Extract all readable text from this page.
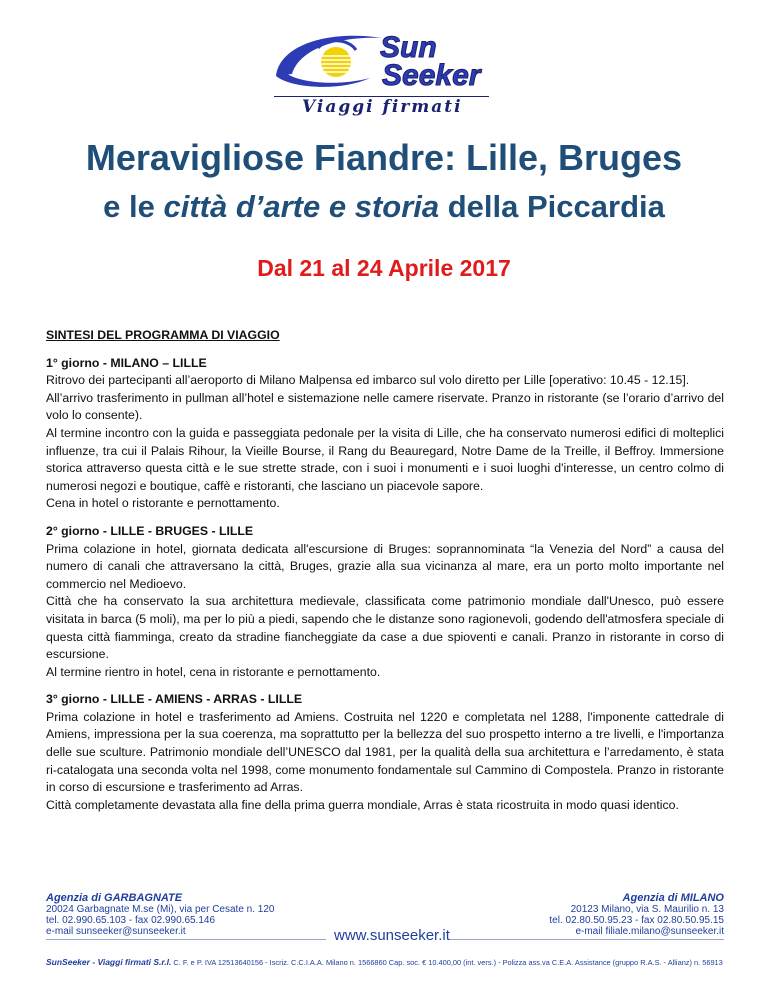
Sun
Seeker
Viaggi firmati
Meravigliose Fiandre: Lille, Bruges
e le città d’arte e storia della Piccardia
Dal 21 al 24 Aprile 2017
SINTESI DEL PROGRAMMA DI VIAGGIO
1° giorno - MILANO – LILLE

Ritrovo dei partecipanti all’aeroporto di Milano Malpensa ed imbarco sul volo diretto per Lille [operativo: 10.45 - 12.15].

All’arrivo trasferimento in pullman all’hotel e sistemazione nelle camere riservate. Pranzo in ristorante (se l’orario d’arrivo del volo lo consente).

Al termine incontro con la guida e passeggiata pedonale per la visita di Lille, che ha conservato numerosi edifici di molteplici influenze, tra cui il Palais Rihour, la Vieille Bourse, il Rang du Beauregard, Notre Dame de la Treille, il Beffroy. Immersione storica attraverso questa città e le sue strette strade, con i suoi i monumenti e i suoi luoghi d'interesse, un centro colmo di numerosi negozi e boutique, caffè e ristoranti, che lasciano un piacevole sapore.

Cena in hotel o ristorante e pernottamento.

2° giorno - LILLE - BRUGES - LILLE

Prima colazione in hotel, giornata dedicata all'escursione di Bruges: soprannominata “la Venezia del Nord” a causa del numero di canali che attraversano la città, Bruges, grazie alla sua vicinanza al mare, era un porto molto importante nel commercio nel Medioevo.

Città che ha conservato la sua architettura medievale, classificata come patrimonio mondiale dall'Unesco, può essere visitata in barca (5 moli), ma per lo più a piedi, sapendo che le distanze sono ragionevoli, godendo dell'atmosfera speciale di questa città fiamminga, creato da stradine fiancheggiate da case a due spioventi e canali. Pranzo in ristorante in corso di escursione.

Al termine rientro in hotel, cena in ristorante e pernottamento.

3° giorno - LILLE - AMIENS - ARRAS - LILLE

Prima colazione in hotel e trasferimento ad Amiens. Costruita nel 1220 e completata nel 1288, l'imponente cattedrale di Amiens, impressiona per la sua coerenza, ma soprattutto per la bellezza del suo prospetto interno a tre livelli, e l'importanza delle sue sculture. Patrimonio mondiale dell’UNESCO dal 1981, per la qualità della sua architettura e l’arredamento, è stata ri-catalogata una seconda volta nel 1998, come monumento fondamentale sul Cammino di Compostela. Pranzo in ristorante in corso di escursione e trasferimento ad Arras.

Città completamente devastata alla fine della prima guerra mondiale, Arras è stata ricostruita in modo quasi identico.

Agenzia di GARBAGNATE
20024 Garbagnate M.se (Mi), via per Cesate n. 120
tel. 02.990.65.103 - fax 02.990.65.146
e-mail sunseeker@sunseeker.it
Agenzia di MILANO
20123 Milano, via S. Maurilio n. 13
tel. 02.80.50.95.23 - fax 02.80.50.95.15
e-mail filiale.milano@sunseeker.it
www.sunseeker.it
SunSeeker - Viaggi firmati S.r.l. C. F. e P. IVA 12513640156 - Iscriz. C.C.I.A.A. Milano n. 1566860 Cap. soc. € 10.400,00 (int. vers.) - Polizza ass.va C.E.A. Assistance (gruppo R.A.S. - Allianz) n. 56913
